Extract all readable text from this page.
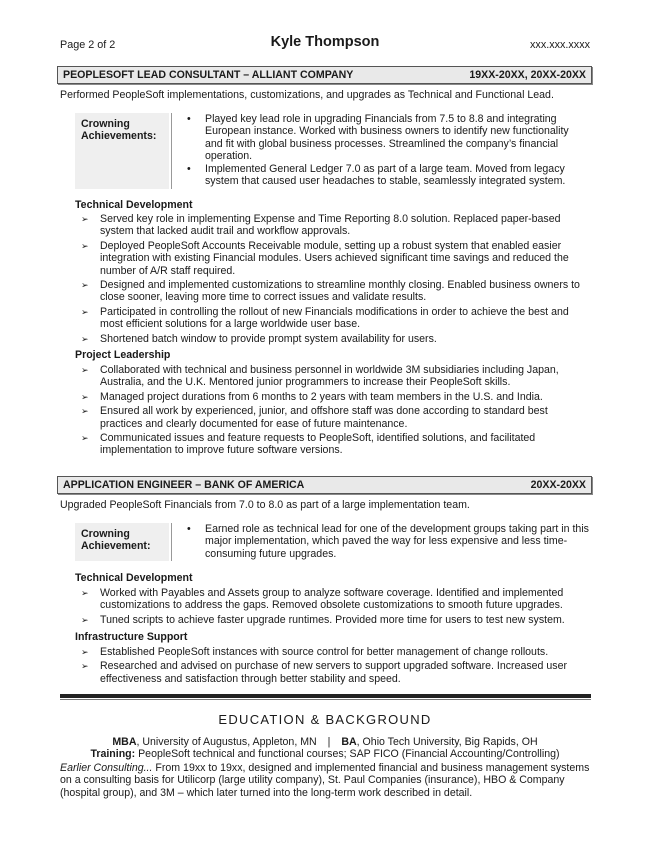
Page 2 of 2	Kyle Thompson	xxx.xxx.xxxx
PEOPLESOFT LEAD CONSULTANT – ALLIANT COMPANY	19XX-20XX, 20XX-20XX
Performed PeopleSoft implementations, customizations, and upgrades as Technical and Functional Lead.
Crowning
Achievements:
• Played key lead role in upgrading Financials from 7.5 to 8.8 and integrating European instance. Worked with business owners to identify new functionality and fit with global business processes. Streamlined the company’s financial operation.
• Implemented General Ledger 7.0 as part of a large team. Moved from legacy system that caused user headaches to stable, seamlessly integrated system.
Technical Development
➢ Served key role in implementing Expense and Time Reporting 8.0 solution. Replaced paper-based system that lacked audit trail and workflow approvals.
➢ Deployed PeopleSoft Accounts Receivable module, setting up a robust system that enabled easier integration with existing Financial modules. Users achieved significant time savings and reduced the number of A/R staff required.
➢ Designed and implemented customizations to streamline monthly closing. Enabled business owners to close sooner, leaving more time to correct issues and validate results.
➢ Participated in controlling the rollout of new Financials modifications in order to achieve the best and most efficient solutions for a large worldwide user base.
➢ Shortened batch window to provide prompt system availability for users.
Project Leadership
➢ Collaborated with technical and business personnel in worldwide 3M subsidiaries including Japan, Australia, and the U.K. Mentored junior programmers to increase their PeopleSoft skills.
➢ Managed project durations from 6 months to 2 years with team members in the U.S. and India.
➢ Ensured all work by experienced, junior, and offshore staff was done according to standard best practices and clearly documented for ease of future maintenance.
➢ Communicated issues and feature requests to PeopleSoft, identified solutions, and facilitated implementation to improve future software versions.
APPLICATION ENGINEER – BANK OF AMERICA	20XX-20XX
Upgraded PeopleSoft Financials from 7.0 to 8.0 as part of a large implementation team.
Crowning
Achievement:
• Earned role as technical lead for one of the development groups taking part in this major implementation, which paved the way for less expensive and less time-consuming future upgrades.
Technical Development
➢ Worked with Payables and Assets group to analyze software coverage. Identified and implemented customizations to address the gaps. Removed obsolete customizations to smooth future upgrades.
➢ Tuned scripts to achieve faster upgrade runtimes. Provided more time for users to test new system.
Infrastructure Support
➢ Established PeopleSoft instances with source control for better management of change rollouts.
➢ Researched and advised on purchase of new servers to support upgraded software. Increased user effectiveness and satisfaction through better stability and speed.
EDUCATION & BACKGROUND
MBA, University of Augustus, Appleton, MN | BA, Ohio Tech University, Big Rapids, OH
Training: PeopleSoft technical and functional courses; SAP FICO (Financial Accounting/Controlling)
Earlier Consulting... From 19xx to 19xx, designed and implemented financial and business management systems on a consulting basis for Utilicorp (large utility company), St. Paul Companies (insurance), HBO & Company (hospital group), and 3M – which later turned into the long-term work described in detail.
